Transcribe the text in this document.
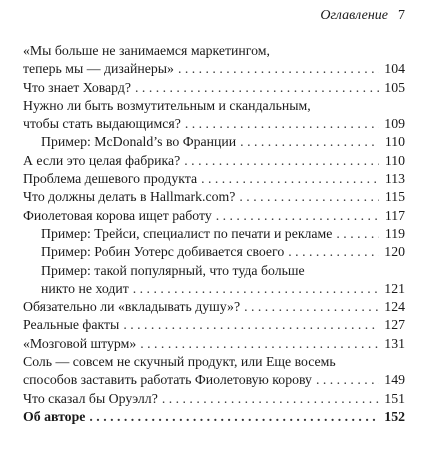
Оглавление 7
«Мы больше не занимаемся маркетингом,
теперь мы — дизайнеры» . . .	104
Что знает Ховард? . . .	105
Нужно ли быть возмутительным и скандальным,
чтобы стать выдающимся? . . .	109
Пример: McDonald’s во Франции . . .	110
А если это целая фабрика? . . .	110
Проблема дешевого продукта . . .	113
Что должны делать в Hallmark.com? . . .	115
Фиолетовая корова ищет работу . . .	117
Пример: Трейси, специалист по печати и рекламе . . .	119
Пример: Робин Уотерс добивается своего . . .	120
Пример: такой популярный, что туда больше
никто не ходит . . .	121
Обязательно ли «вкладывать душу»? . . .	124
Реальные факты . . .	127
«Мозговой штурм» . . .	131
Соль — совсем не скучный продукт, или Еще восемь
способов заставить работать Фиолетовую корову . . .	149
Что сказал бы Оруэлл? . . .	151
Об авторе . . .	152
